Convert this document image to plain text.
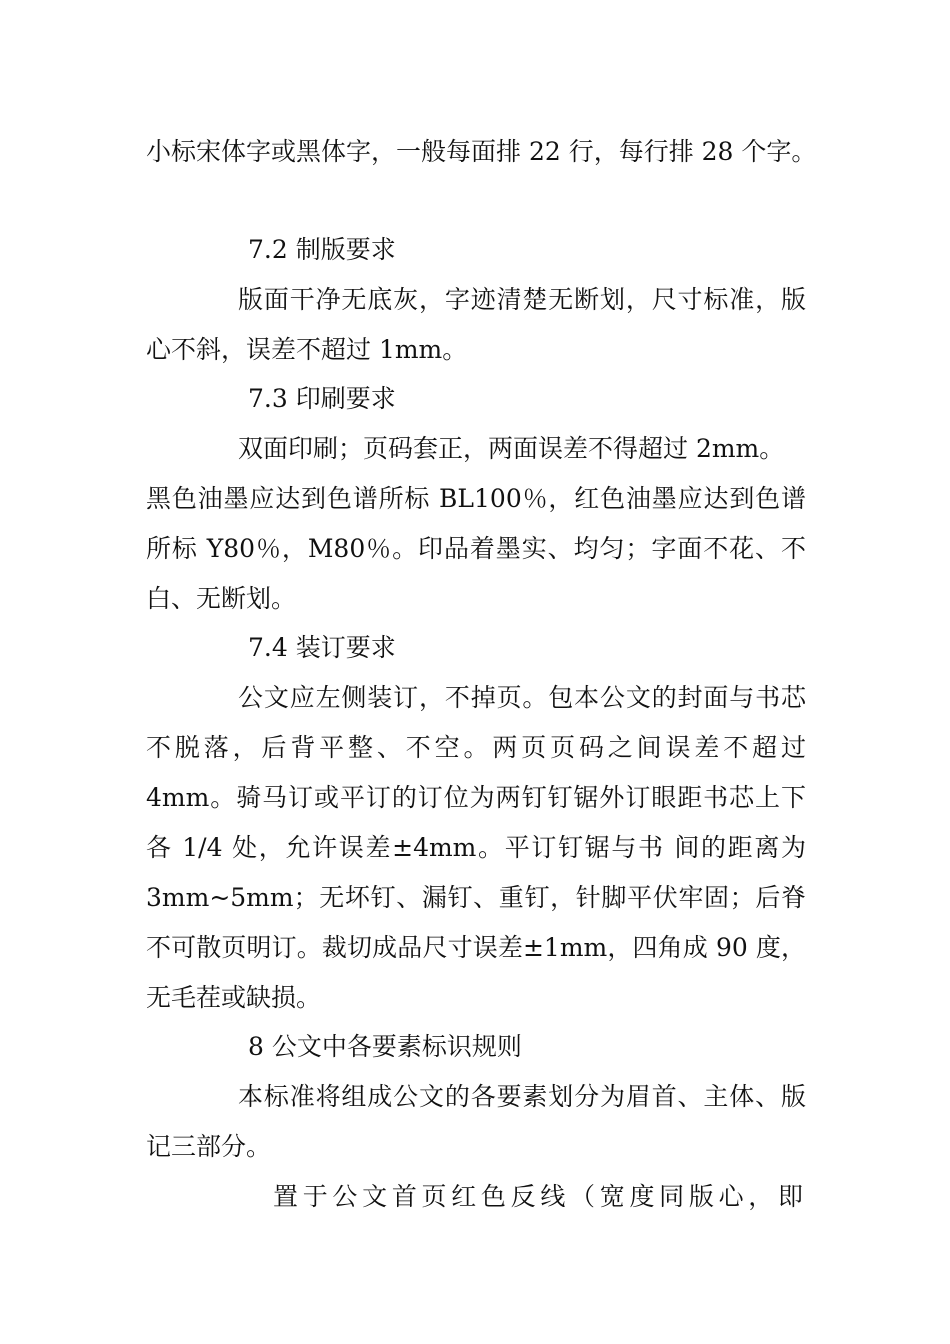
小标宋体字或黑体字，一般每面排 22 行，每行排 28 个字。
7.2 制版要求
版面干净无底灰，字迹清楚无断划，尺寸标准，版
心不斜，误差不超过 1mm。
7.3 印刷要求
双面印刷；页码套正，两面误差不得超过 2mm。
黑色油墨应达到色谱所标 BL100％，红色油墨应达到色谱
所标 Y80％，M80％。印品着墨实、均匀；字面不花、不
白、无断划。
7.4 装订要求
公文应左侧装订，不掉页。包本公文的封面与书芯
不脱落，后背平整、不空。两页页码之间误差不超过
4mm。骑马订或平订的订位为两钉钉锯外订眼距书芯上下
各 1/4 处，允许误差±4mm。平订钉锯与书 间的距离为
3mm~5mm；无坏钉、漏钉、重钉，针脚平伏牢固；后脊
不可散页明订。裁切成品尺寸误差±1mm，四角成 90 度，
无毛茬或缺损。
8 公文中各要素标识规则
本标准将组成公文的各要素划分为眉首、主体、版
记三部分。
置于公文首页红色反线（宽度同版心，即
